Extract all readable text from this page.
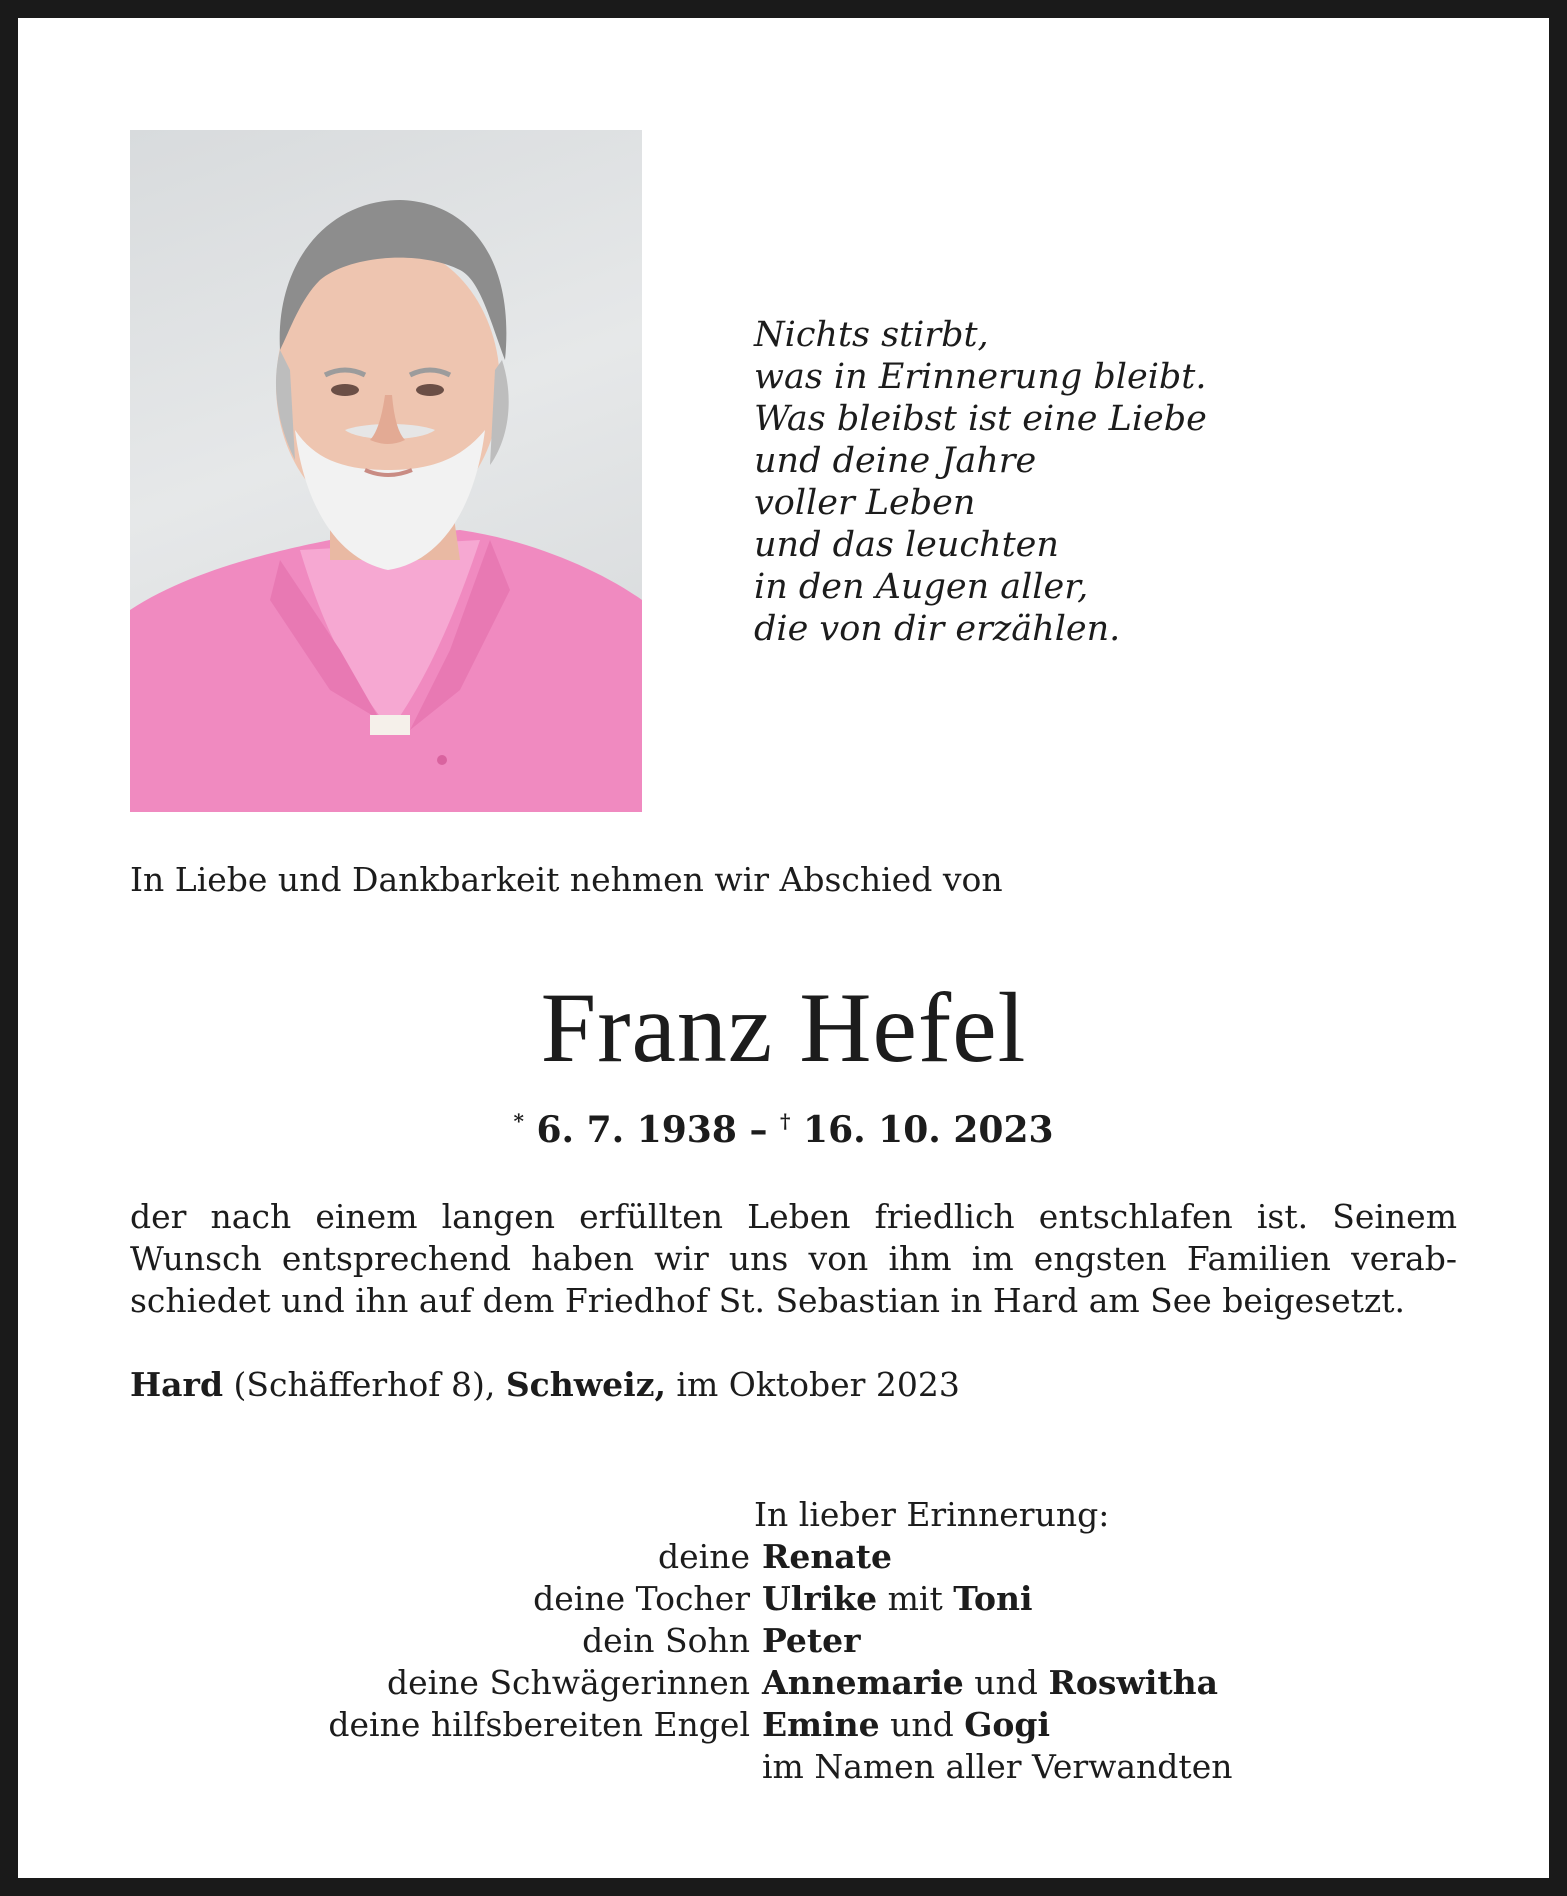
Nichts stirbt,
was in Erinnerung bleibt.
Was bleibst ist eine Liebe
und deine Jahre
voller Leben
und das leuchten
in den Augen aller,
die von dir erzählen.
In Liebe und Dankbarkeit nehmen wir Abschied von
Franz Hefel
* 6. 7. 1938 – † 16. 10. 2023
der nach einem langen erfüllten Leben friedlich entschlafen ist. Seinem
Wunsch entsprechend haben wir uns von ihm im engsten Familien verab-
schiedet und ihn auf dem Friedhof St. Sebastian in Hard am See beigesetzt.
Hard (Schäfferhof 8), Schweiz, im Oktober 2023
In lieber Erinnerung:
deine Renate
deine Tocher Ulrike mit Toni
dein Sohn Peter
deine Schwägerinnen Annemarie und Roswitha
deine hilfsbereiten Engel Emine und Gogi
im Namen aller Verwandten
